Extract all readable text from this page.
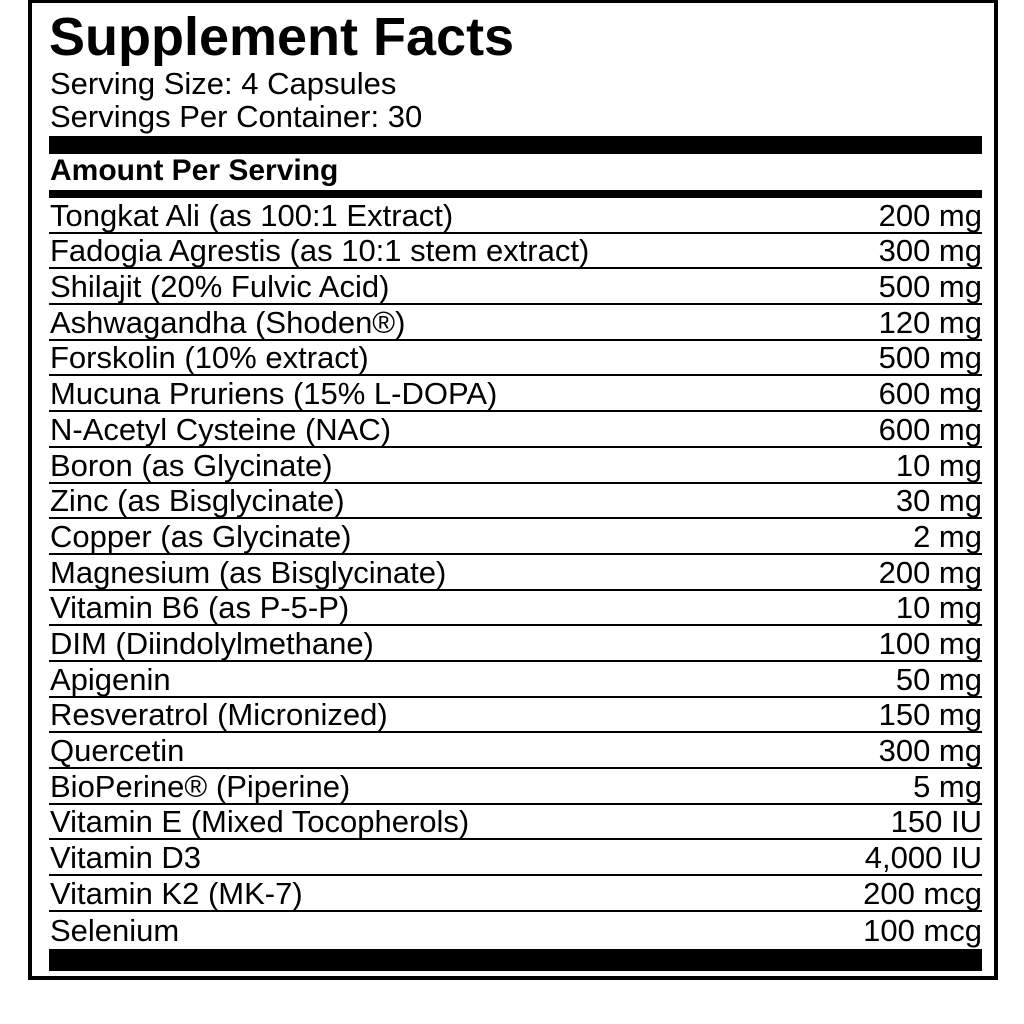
Supplement Facts

Serving Size: 4 Capsules

Servings Per Container: 30

Amount Per Serving

Tongkat Ali (as 100:1 Extract)	200 mg
Fadogia Agrestis (as 10:1 stem extract)	300 mg
Shilajit (20% Fulvic Acid)	500 mg
Ashwagandha (Shoden®)	120 mg
Forskolin (10% extract)	500 mg
Mucuna Pruriens (15% L-DOPA)	600 mg
N-Acetyl Cysteine (NAC)	600 mg
Boron (as Glycinate)	10 mg
Zinc (as Bisglycinate)	30 mg
Copper (as Glycinate)	2 mg
Magnesium (as Bisglycinate)	200 mg
Vitamin B6 (as P-5-P)	10 mg
DIM (Diindolylmethane)	100 mg
Apigenin	50 mg
Resveratrol (Micronized)	150 mg
Quercetin	300 mg
BioPerine® (Piperine)	5 mg
Vitamin E (Mixed Tocopherols)	150 IU
Vitamin D3	4,000 IU
Vitamin K2 (MK-7)	200 mcg
Selenium	100 mcg
